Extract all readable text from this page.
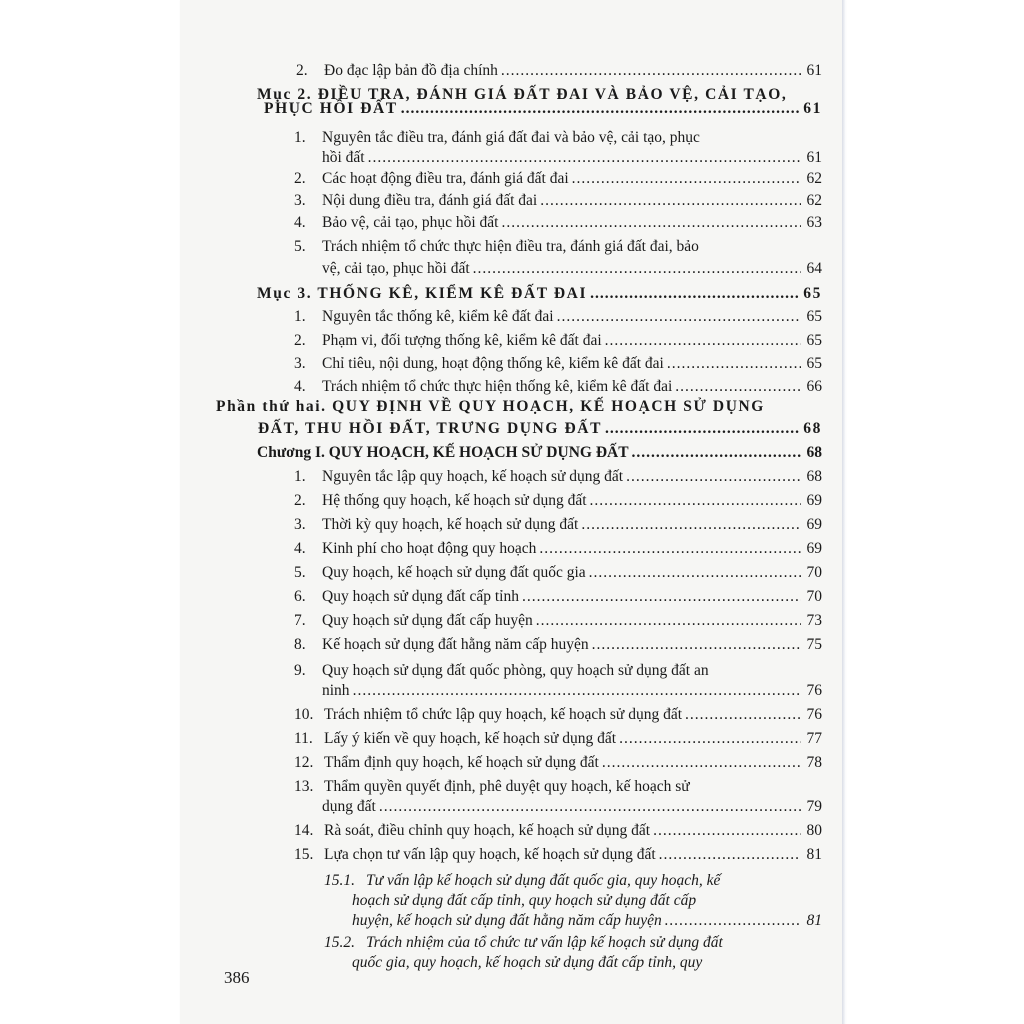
2.	Đo đạc lập bản đồ địa chính .....	61
Mục 2. ĐIỀU TRA, ĐÁNH GIÁ ĐẤT ĐAI VÀ BẢO VỆ, CẢI TẠO,
PHỤC HỒI ĐẤT .....	61
1.	Nguyên tắc điều tra, đánh giá đất đai và bảo vệ, cải tạo, phục
hồi đất .....	61
2.	Các hoạt động điều tra, đánh giá đất đai .....	62
3.	Nội dung điều tra, đánh giá đất đai .....	62
4.	Bảo vệ, cải tạo, phục hồi đất .....	63
5.	Trách nhiệm tổ chức thực hiện điều tra, đánh giá đất đai, bảo
vệ, cải tạo, phục hồi đất .....	64
Mục 3. THỐNG KÊ, KIỂM KÊ ĐẤT ĐAI .....	65
1.	Nguyên tắc thống kê, kiểm kê đất đai .....	65
2.	Phạm vi, đối tượng thống kê, kiểm kê đất đai .....	65
3.	Chỉ tiêu, nội dung, hoạt động thống kê, kiểm kê đất đai .....	65
4.	Trách nhiệm tổ chức thực hiện thống kê, kiểm kê đất đai .....	66
Phần thứ hai. QUY ĐỊNH VỀ QUY HOẠCH, KẾ HOẠCH SỬ DỤNG
ĐẤT, THU HỒI ĐẤT, TRƯNG DỤNG ĐẤT .....	68
Chương I. QUY HOẠCH, KẾ HOẠCH SỬ DỤNG ĐẤT .....	68
1.	Nguyên tắc lập quy hoạch, kế hoạch sử dụng đất .....	68
2.	Hệ thống quy hoạch, kế hoạch sử dụng đất .....	69
3.	Thời kỳ quy hoạch, kế hoạch sử dụng đất .....	69
4.	Kinh phí cho hoạt động quy hoạch .....	69
5.	Quy hoạch, kế hoạch sử dụng đất quốc gia .....	70
6.	Quy hoạch sử dụng đất cấp tỉnh .....	70
7.	Quy hoạch sử dụng đất cấp huyện .....	73
8.	Kế hoạch sử dụng đất hằng năm cấp huyện .....	75
9.	Quy hoạch sử dụng đất quốc phòng, quy hoạch sử dụng đất an
ninh .....	76
10. Trách nhiệm tổ chức lập quy hoạch, kế hoạch sử dụng đất .....	76
11. Lấy ý kiến về quy hoạch, kế hoạch sử dụng đất .....	77
12. Thẩm định quy hoạch, kế hoạch sử dụng đất .....	78
13. Thẩm quyền quyết định, phê duyệt quy hoạch, kế hoạch sử
dụng đất .....	79
14. Rà soát, điều chỉnh quy hoạch, kế hoạch sử dụng đất .....	80
15. Lựa chọn tư vấn lập quy hoạch, kế hoạch sử dụng đất .....	81
15.1. Tư vấn lập kế hoạch sử dụng đất quốc gia, quy hoạch, kế
hoạch sử dụng đất cấp tỉnh, quy hoạch sử dụng đất cấp
huyện, kế hoạch sử dụng đất hằng năm cấp huyện .....	81
15.2. Trách nhiệm của tổ chức tư vấn lập kế hoạch sử dụng đất
quốc gia, quy hoạch, kế hoạch sử dụng đất cấp tỉnh, quy
386
